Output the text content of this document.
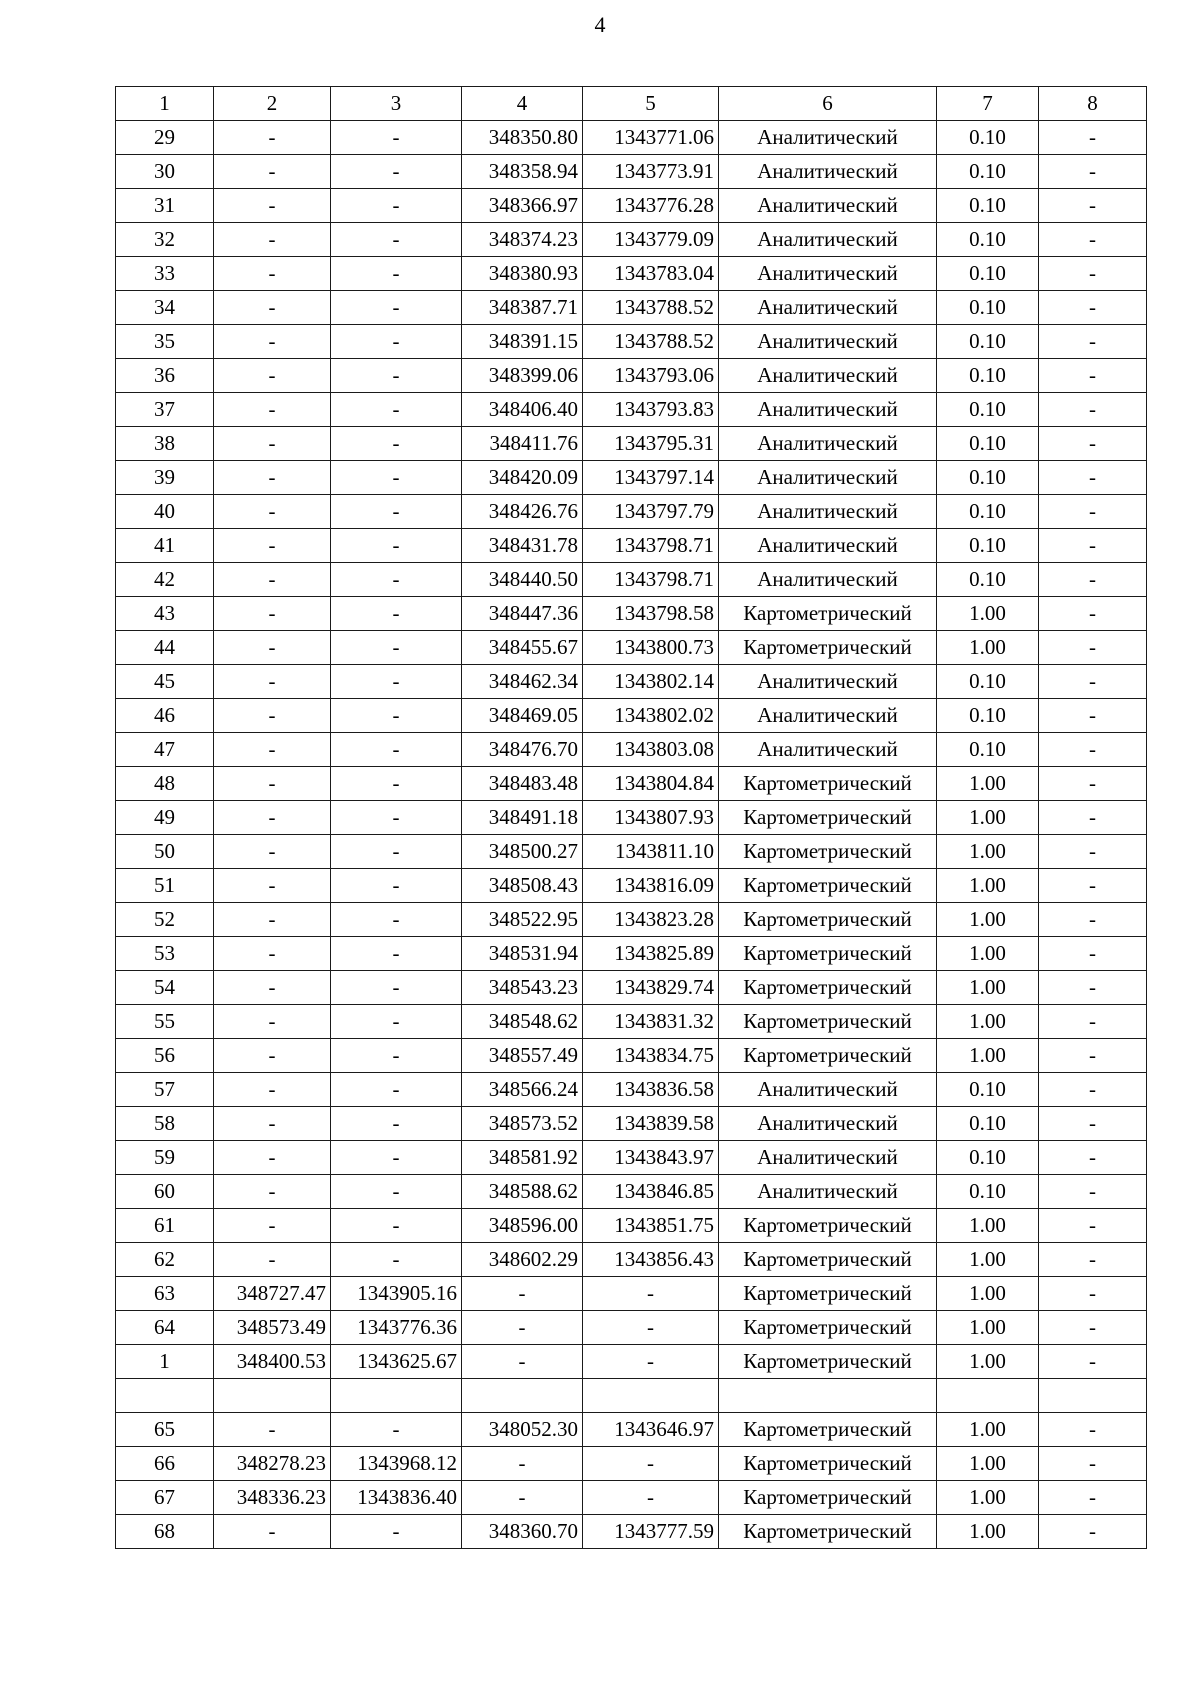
4
1	2	3	4	5	6	7	8
29	-	-	348350.80	1343771.06	Аналитический	0.10	-
30	-	-	348358.94	1343773.91	Аналитический	0.10	-
31	-	-	348366.97	1343776.28	Аналитический	0.10	-
32	-	-	348374.23	1343779.09	Аналитический	0.10	-
33	-	-	348380.93	1343783.04	Аналитический	0.10	-
34	-	-	348387.71	1343788.52	Аналитический	0.10	-
35	-	-	348391.15	1343788.52	Аналитический	0.10	-
36	-	-	348399.06	1343793.06	Аналитический	0.10	-
37	-	-	348406.40	1343793.83	Аналитический	0.10	-
38	-	-	348411.76	1343795.31	Аналитический	0.10	-
39	-	-	348420.09	1343797.14	Аналитический	0.10	-
40	-	-	348426.76	1343797.79	Аналитический	0.10	-
41	-	-	348431.78	1343798.71	Аналитический	0.10	-
42	-	-	348440.50	1343798.71	Аналитический	0.10	-
43	-	-	348447.36	1343798.58	Картометрический	1.00	-
44	-	-	348455.67	1343800.73	Картометрический	1.00	-
45	-	-	348462.34	1343802.14	Аналитический	0.10	-
46	-	-	348469.05	1343802.02	Аналитический	0.10	-
47	-	-	348476.70	1343803.08	Аналитический	0.10	-
48	-	-	348483.48	1343804.84	Картометрический	1.00	-
49	-	-	348491.18	1343807.93	Картометрический	1.00	-
50	-	-	348500.27	1343811.10	Картометрический	1.00	-
51	-	-	348508.43	1343816.09	Картометрический	1.00	-
52	-	-	348522.95	1343823.28	Картометрический	1.00	-
53	-	-	348531.94	1343825.89	Картометрический	1.00	-
54	-	-	348543.23	1343829.74	Картометрический	1.00	-
55	-	-	348548.62	1343831.32	Картометрический	1.00	-
56	-	-	348557.49	1343834.75	Картометрический	1.00	-
57	-	-	348566.24	1343836.58	Аналитический	0.10	-
58	-	-	348573.52	1343839.58	Аналитический	0.10	-
59	-	-	348581.92	1343843.97	Аналитический	0.10	-
60	-	-	348588.62	1343846.85	Аналитический	0.10	-
61	-	-	348596.00	1343851.75	Картометрический	1.00	-
62	-	-	348602.29	1343856.43	Картометрический	1.00	-
63	348727.47	1343905.16	-	-	Картометрический	1.00	-
64	348573.49	1343776.36	-	-	Картометрический	1.00	-
1	348400.53	1343625.67	-	-	Картометрический	1.00	-

65	-	-	348052.30	1343646.97	Картометрический	1.00	-
66	348278.23	1343968.12	-	-	Картометрический	1.00	-
67	348336.23	1343836.40	-	-	Картометрический	1.00	-
68	-	-	348360.70	1343777.59	Картометрический	1.00	-
